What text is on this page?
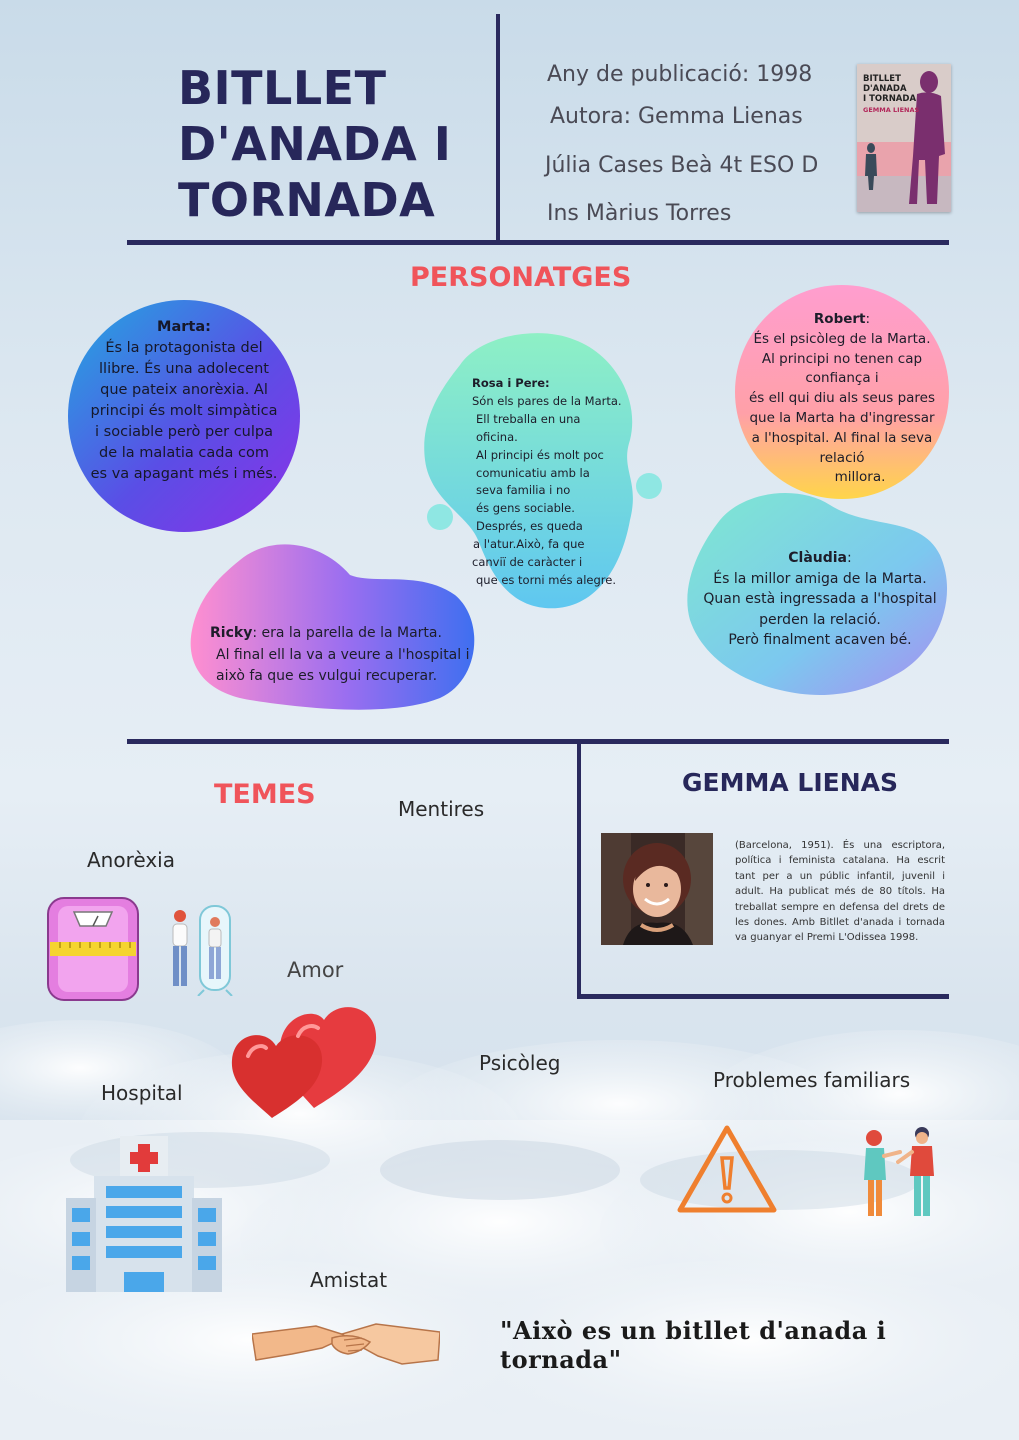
BITLLET
D'ANADA I
TORNADA
Any de publicació: 1998
Autora: Gemma Lienas
Júlia Cases Beà 4t ESO D
Ins Màrius Torres
BITLLET
D'ANADA
I TORNADA
GEMMA LIENAS
PERSONATGES
Marta:
És la protagonista del
llibre. És una adolecent
que pateix anorèxia. Al
principi és molt simpàtica
i sociable però per culpa
de la malatia cada com
es va apagant més i més.
Rosa i Pere:
Són els pares de la Marta.
Ell treballa en una oficina.
Al principi és molt poc
comunicatiu amb la
seva familia i no
és gens sociable.
Després, es queda
a l'atur.Això, fa que
canviï de caràcter i
que es torni més alegre.
Robert:
És el psicòleg de la Marta.
Al principi no tenen cap
confiança i
és ell qui diu als seus pares
que la Marta ha d'ingressar
a l'hospital. Al final la seva
relació
millora.
Clàudia:
És la millor amiga de la Marta.
Quan està ingressada a l'hospital
perden la relació.
Però finalment acaven bé.
Ricky: era la parella de la Marta.
Al final ell la va a veure a l'hospital i
això fa que es vulgui recuperar.
TEMES	GEMMA LIENAS
(Barcelona, 1951). És una escriptora, política i feminista catalana. Ha escrit tant per a un públic infantil, juvenil i adult. Ha publicat més de 80 títols. Ha treballat sempre en defensa del drets de les dones. Amb Bitllet d'anada i tornada va guanyar el Premi L'Odissea 1998.
Mentires
Anorèxia
Amor
Psicòleg
Hospital
Problemes familiars
Amistat
"Això es un bitllet d'anada i tornada"
